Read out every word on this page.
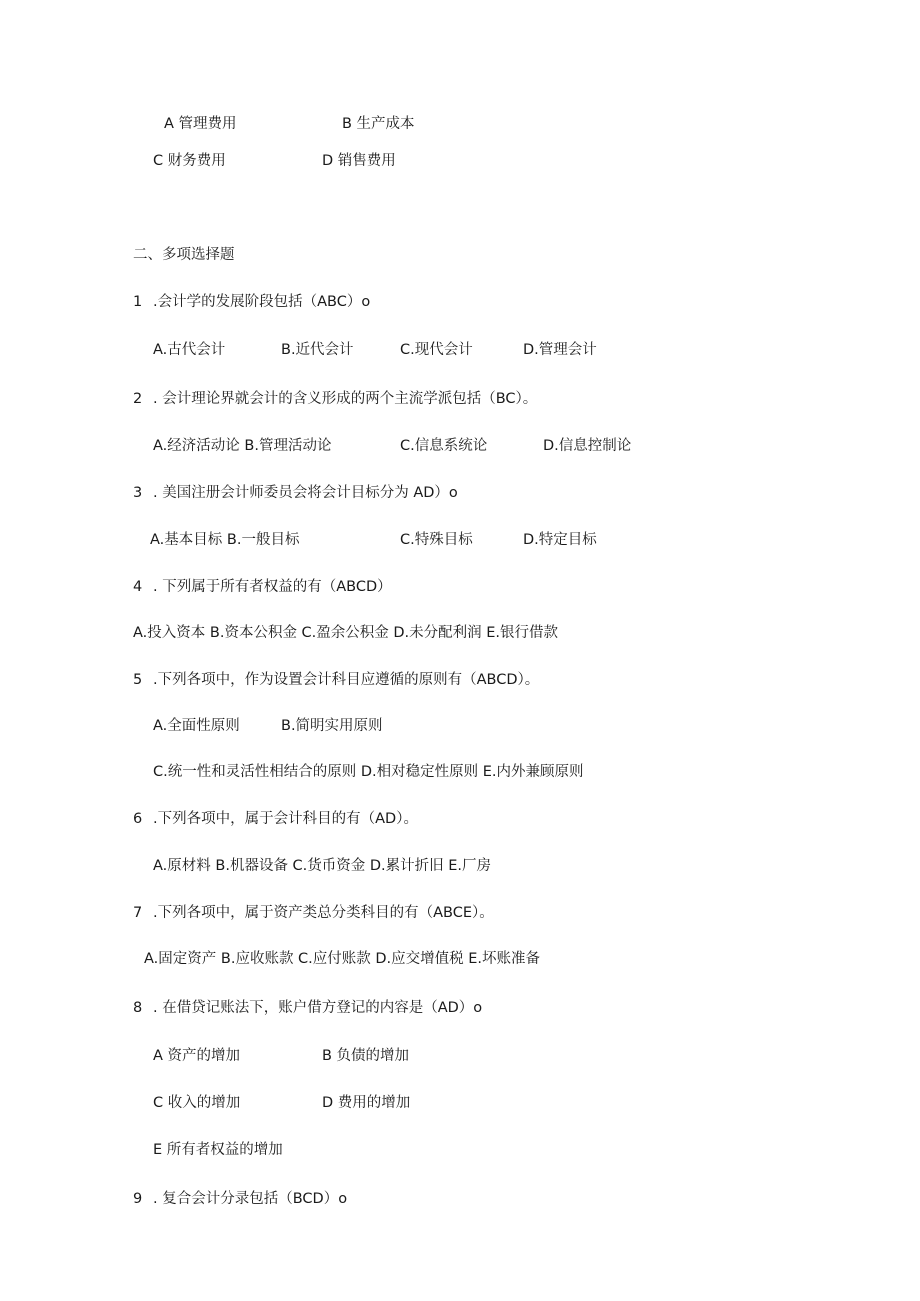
A 管理费用	B 生产成本
C 财务费用	D 销售费用
二、多项选择题
1 .会计学的发展阶段包括（ABC）o
A.古代会计	B.近代会计	C.现代会计	D.管理会计
2 . 会计理论界就会计的含义形成的两个主流学派包括（BC）。
A.经济活动论 B.管理活动论	C.信息系统论	D.信息控制论
3 . 美国注册会计师委员会将会计目标分为 AD）o
A.基本目标 B.一般目标	C.特殊目标	D.特定目标
4 . 下列属于所有者权益的有（ABCD）
A.投入资本 B.资本公积金 C.盈余公积金 D.未分配利润 E.银行借款
5 .下列各项中，作为设置会计科目应遵循的原则有（ABCD）。
A.全面性原则	B.简明实用原则
C.统一性和灵活性相结合的原则 D.相对稳定性原则 E.内外兼顾原则
6 .下列各项中，属于会计科目的有（AD）。
A.原材料 B.机器设备 C.货币资金 D.累计折旧 E.厂房
7 .下列各项中，属于资产类总分类科目的有（ABCE）。
A.固定资产 B.应收账款 C.应付账款 D.应交增值税 E.坏账准备
8 . 在借贷记账法下，账户借方登记的内容是（AD）o
A 资产的增加	B 负债的增加
C 收入的增加	D 费用的增加
E 所有者权益的增加
9 . 复合会计分录包括（BCD）o
